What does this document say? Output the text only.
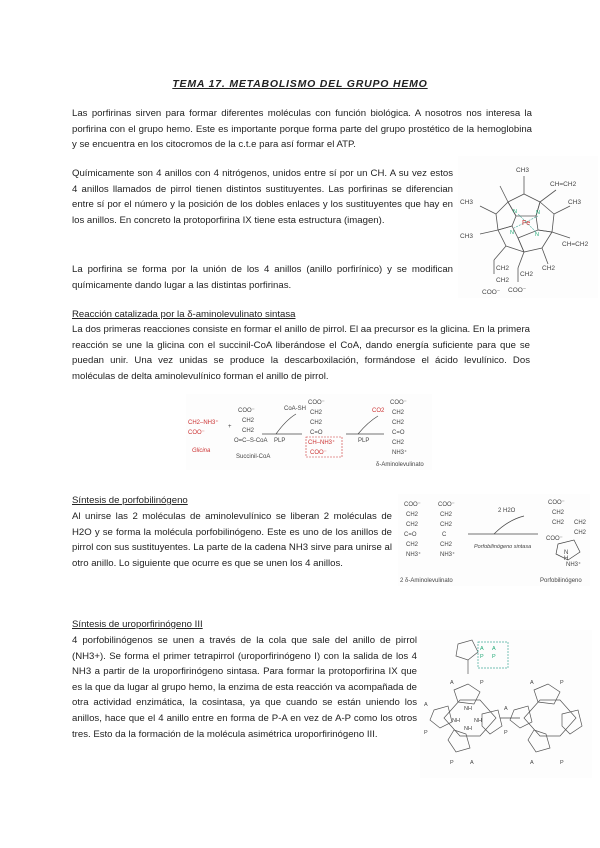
TEMA 17. METABOLISMO DEL GRUPO HEMO
Las porfirinas sirven para formar diferentes moléculas con función biológica. A nosotros nos interesa la porfirina con el grupo hemo. Este es importante porque forma parte del grupo prostético de la hemoglobina y se encuentra en los citocromos de la c.t.e para así formar el ATP.
Químicamente son 4 anillos con 4 nitrógenos, unidos entre sí por un CH. A su vez estos 4 anillos llamados de pirrol tienen distintos sustituyentes. Las porfirinas se diferencian entre sí por el número y la posición de los dobles enlaces y los sustituyentes que hay en los anillos. En concreto la protoporfirina IX tiene esta estructura (imagen).
La porfirina se forma por la unión de los 4 anillos (anillo porfirínico) y se modifican químicamente dando lugar a las distintas porfirinas.
CH3
CH=CH2
CH3
CH=CH2
CH3
CH3
CH2
CH2
COO⁻
CH2
CH2
COO⁻
Fe
N	N
N
N
Reacción catalizada por la δ-aminolevulinato sintasa
La dos primeras reacciones consiste en formar el anillo de pirrol. El aa precursor es la glicina. En la primera reacción se une la glicina con el succinil-CoA liberándose el CoA, dando energía suficiente para que se puedan unir. Una vez unidas se produce la descarboxilación, formándose el ácido levulínico. Dos moléculas de delta aminolevulínico forman el anillo de pirrol.
CH2–NH3⁺
COO⁻
Glicina
+
COO⁻
CH2
CH2
O=C–S-CoA
Succinil-CoA
CoA-SH
PLP
COO⁻
CH2
CH2
C=O
CH–NH3⁺
COO⁻
CO2
PLP
COO⁻
CH2
CH2
C=O
CH2
NH3⁺
δ-Aminolevulinato
Síntesis de porfobilinógeno
Al unirse las 2 moléculas de aminolevulínico se liberan 2 moléculas de H2O y se forma la molécula porfobilinógeno. Este es uno de los anillos de pirrol con sus sustituyentes. La parte de la cadena NH3 sirve para unirse al otro anillo. Lo siguiente que ocurre es que se unen los 4 anillos.
COO⁻
CH2
CH2
C=O
CH2
NH3⁺
COO⁻
CH2
CH2
C
CH2
NH3⁺
2 δ-Aminolevulinato
2 H2O
Porfobilinógeno sintasa
COO⁻
CH2
CH2
COO⁻
CH2
CH2
NH3⁺
N
H
Porfobilinógeno
Síntesis de uroporfirinógeno III
4 porfobilinógenos se unen a través de la cola que sale del anillo de pirrol (NH3+). Se forma el primer tetrapirrol (uroporfirinógeno I) con la salida de los 4 NH3 a partir de la uroporfirinógeno sintasa. Para formar la protoporfirina IX que es la que da lugar al grupo hemo, la enzima de esta reacción va acompañada de otra actividad enzimática, la cosintasa, ya que cuando se están uniendo los anillos, hace que el 4 anillo entre en forma de P-A en vez de A-P como los otros tres. Esto da la formación de la molécula asimétrica uroporfirinógeno III.
A
P
A
P
A	P
A
P
NH
NH
NH
NH
A
P
P	A
A	P
A	P
